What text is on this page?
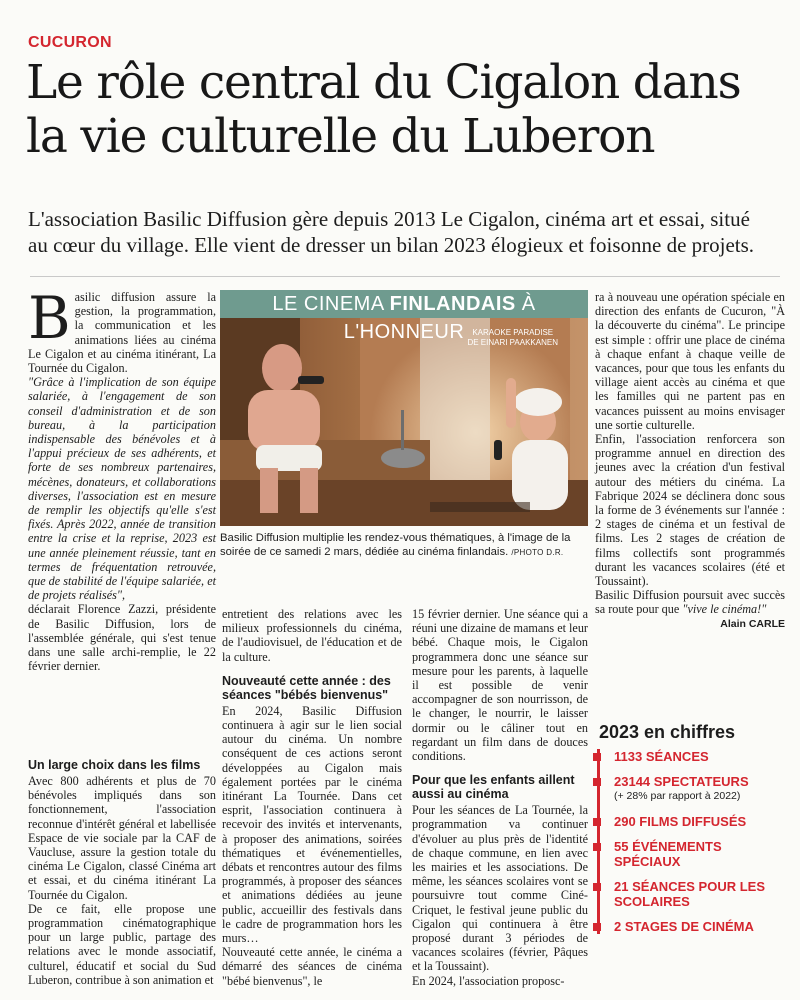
CUCURON
Le rôle central du Cigalon dans
la vie culturelle du Luberon

L'association Basilic Diffusion gère depuis 2013 Le Cigalon, cinéma art et essai, situé
au cœur du village. Elle vient de dresser un bilan 2023 élogieux et foisonne de projets.

Basilic diffusion assure la gestion, la programmation, la communication et les animations liées au cinéma Le Cigalon et au cinéma itinérant, La Tournée du Cigalon.

"Grâce à l'implication de son équipe salariée, à l'engagement de son conseil d'administration et de son bureau, à la participation indispensable des bénévoles et à l'appui précieux de ses adhérents, et forte de ses nombreux partenaires, mécènes, donateurs, et collaborations diverses, l'association est en mesure de remplir les objectifs qu'elle s'est fixés. Après 2022, année de transition entre la crise et la reprise, 2023 est une année pleinement réussie, tant en termes de fréquentation retrouvée, que de stabilité de l'équipe salariée, et de projets réalisés",

déclarait Florence Zazzi, présidente de Basilic Diffusion, lors de l'assemblée générale, qui s'est tenue dans une salle archi-remplie, le 22 février dernier.

Un large choix dans les films

Avec 800 adhérents et plus de 70 bénévoles impliqués dans son fonctionnement, l'association reconnue d'intérêt général et labellisée Espace de vie sociale par la CAF de Vaucluse, assure la gestion totale du cinéma Le Cigalon, classé Cinéma art et essai, et du cinéma itinérant La Tournée du Cigalon.

De ce fait, elle propose une programmation cinématographique pour un large public, partage des relations avec le monde associatif, culturel, éducatif et social du Sud Luberon, contribue à son animation et

LE CINEMA FINLANDAIS À L'HONNEUR	KARAOKE PARADISE
DE EINARI PAAKKANEN

Basilic Diffusion multiplie les rendez-vous thématiques, à l'image de la soirée de ce samedi 2 mars, dédiée au cinéma finlandais. /PHOTO D.R.

entretient des relations avec les milieux professionnels du cinéma, de l'audiovisuel, de l'éducation et de la culture.

Nouveauté cette année : des séances "bébés bienvenus"

En 2024, Basilic Diffusion continuera à agir sur le lien social autour du cinéma. Un nombre conséquent de ces actions seront développées au Cigalon mais également portées par le cinéma itinérant La Tournée. Dans cet esprit, l'association continuera à recevoir des invités et intervenants, à proposer des animations, soirées thématiques et événementielles, débats et rencontres autour des films programmés, à proposer des séances et animations dédiées au jeune public, accueillir des festivals dans le cadre de programmation hors les murs…

Nouveauté cette année, le cinéma a démarré des séances de cinéma "bébé bienvenus", le

15 février dernier. Une séance qui a réuni une dizaine de mamans et leur bébé. Chaque mois, le Cigalon programmera donc une séance sur mesure pour les parents, à laquelle il est possible de venir accompagner de son nourrisson, de le changer, le nourrir, le laisser dormir ou le câliner tout en regardant un film dans de douces conditions.

Pour que les enfants aillent aussi au cinéma

Pour les séances de La Tournée, la programmation va continuer d'évoluer au plus près de l'identité de chaque commune, en lien avec les mairies et les associations. De même, les séances scolaires vont se poursuivre tout comme Ciné-Criquet, le festival jeune public du Cigalon qui continuera à être proposé durant 3 périodes de vacances scolaires (février, Pâques et la Toussaint).

En 2024, l'association proposc-

ra à nouveau une opération spéciale en direction des enfants de Cucuron, "À la découverte du cinéma". Le principe est simple : offrir une place de cinéma à chaque enfant à chaque veille de vacances, pour que tous les enfants du village aient accès au cinéma et que les familles qui ne partent pas en vacances puissent au moins envisager une sortie culturelle.

Enfin, l'association renforcera son programme annuel en direction des jeunes avec la création d'un festival autour des métiers du cinéma. La Fabrique 2024 se déclinera donc sous la forme de 3 événements sur l'année : 2 stages de cinéma et un festival de films. Les 2 stages de création de films collectifs sont programmés durant les vacances scolaires (été et Toussaint).

Basilic Diffusion poursuit avec succès sa route pour que "vive le cinéma!"

Alain CARLE

2023 en chiffres
1133 SÉANCES
23144 SPECTATEURS
(+ 28% par rapport à 2022)
290 FILMS DIFFUSÉS
55 ÉVÉNEMENTS SPÉCIAUX
21 SÉANCES POUR LES SCOLAIRES
2 STAGES DE CINÉMA
